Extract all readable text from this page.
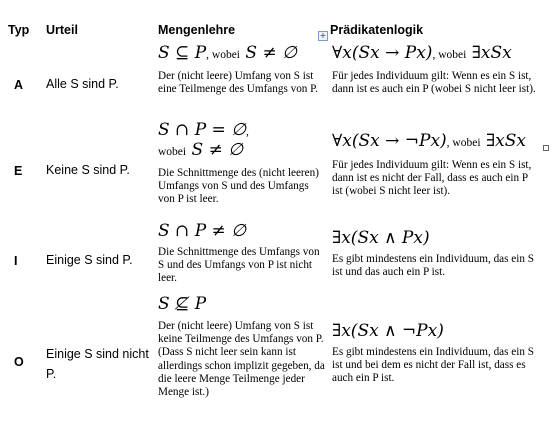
Typ Urteil	Mengenlehre	+ Prädikatenlogik
A Alle S sind P.
S ⊆ P, wobei S ≠ ∅
Der (nicht leere) Umfang von S ist eine Teilmenge des Umfangs von P.
∀x(Sx → Px), wobei ∃xSx
Für jedes Individuum gilt: Wenn es ein S ist, dann ist es auch ein P (wobei S nicht leer ist).
E Keine S sind P.
S ∩ P = ∅,
wobei S ≠ ∅
Die Schnittmenge des (nicht leeren) Umfangs von S und des Umfangs von P ist leer.
∀x(Sx → ¬Px), wobei ∃xSx
Für jedes Individuum gilt: Wenn es ein S ist, dann ist es nicht der Fall, dass es auch ein P ist (wobei S nicht leer ist).
I Einige S sind P.
S ∩ P ≠ ∅
Die Schnittmenge des Umfangs von S und des Umfangs von P ist nicht leer.
∃x(Sx ∧ Px)
Es gibt mindestens ein Individuum, das ein S ist und das auch ein P ist.
O
Einige S sind nicht P.
S ⊈ P
Der (nicht leere) Umfang von S ist keine Teilmenge des Umfangs von P. (Dass S nicht leer sein kann ist allerdings schon implizit gegeben, da die leere Menge Teilmenge jeder Menge ist.)
∃x(Sx ∧ ¬Px)
Es gibt mindestens ein Individuum, das ein S ist und bei dem es nicht der Fall ist, dass es auch ein P ist.
